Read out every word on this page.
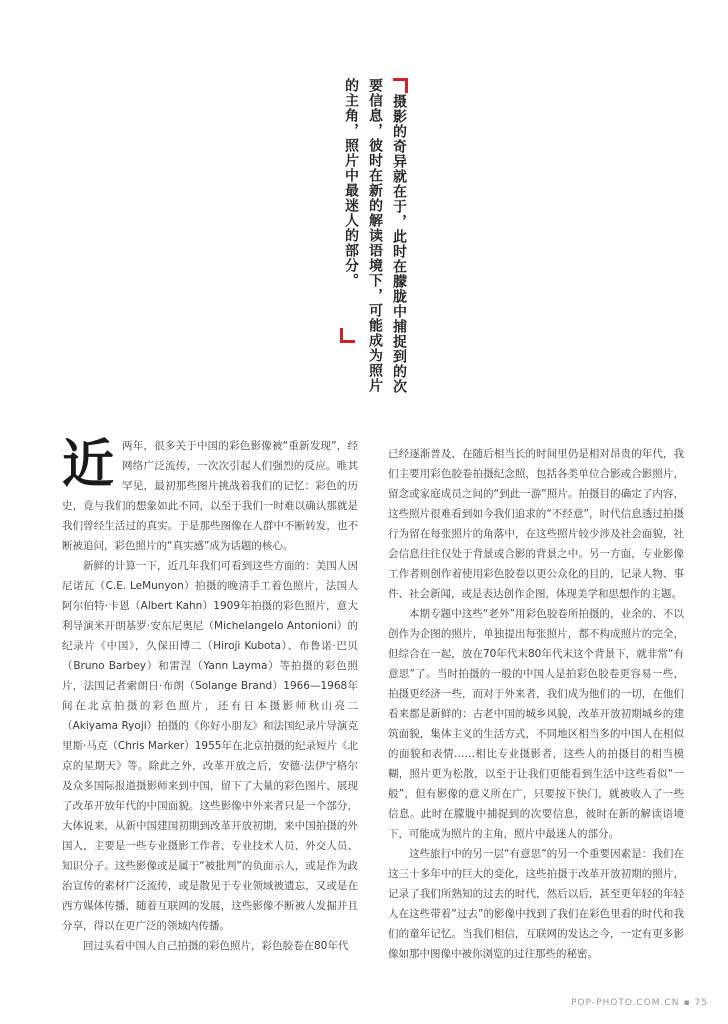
摄影的奇异就在于，此时在朦胧中捕捉到的次
要信息，彼时在新的解读语境下，可能成为照片
的主角，照片中最迷人的部分。

近两年，很多关于中国的彩色影像被“重新发现”，经网络广泛流传，一次次引起人们强烈的反应。唯其罕见，最初那些图片挑战着我们的记忆：彩色的历史，竟与我们的想象如此不同，以至于我们一时难以确认那就是我们曾经生活过的真实。于是那些图像在人群中不断转发，也不断被追问，彩色照片的“真实感”成为话题的核心。

新鲜的计算一下，近几年我们可看到这些方面的：美国人因尼诺瓦（C.E. LeMunyon）拍摄的晚清手工着色照片，法国人阿尔伯特·卡恩（Albert Kahn）1909年拍摄的彩色照片，意大利导演米开朗基罗·安东尼奥尼（Michelangelo Antonioni）的纪录片《中国》，久保田博二（Hiroji Kubota）、布鲁诺·巴贝（Bruno Barbey）和雷涅（Yann Layma）等拍摄的彩色照片，法国记者索朗日·布朗（Solange Brand）1966—1968年间在北京拍摄的彩色照片，还有日本摄影师秋山亮二（Akiyama Ryoji）拍摄的《你好小朋友》和法国纪录片导演克里斯·马克（Chris Marker）1955年在北京拍摄的纪录短片《北京的星期天》等。除此之外，改革开放之后，安德·法伊宁格尔及众多国际报道摄影师来到中国，留下了大量的彩色图片，展现了改革开放年代的中国面貌。这些影像中外来者只是一个部分，大体说来，从新中国建国初期到改革开放初期，来中国拍摄的外国人，主要是一些专业摄影工作者、专业技术人员、外交人员、知识分子。这些影像或是属于“被批判”的负面示人，或是作为政治宣传的素材广泛流传，或是散见于专业领域被遗忘，又或是在西方媒体传播，随着互联网的发展，这些影像不断被人发掘并且分享，得以在更广泛的领域内传播。

回过头看中国人自己拍摄的彩色照片，彩色胶卷在80年代

已经逐渐普及，在随后相当长的时间里仍是相对昂贵的年代，我们主要用彩色胶卷拍摄纪念照，包括各类单位合影或合影照片，留念或家庭成员之间的“到此一游”照片。拍摄目的确定了内容，这些照片很难看到如今我们追求的“不经意”，时代信息透过拍摄行为留在每张照片的角落中，在这些照片较少涉及社会面貌，社会信息往往仅处于背景或合影的背景之中。另一方面，专业影像工作者则创作着使用彩色胶卷以更公众化的目的，记录人物、事件、社会新闻，或是表达创作企图，体现美学和思想作的主题。

本期专题中这些“老外”用彩色胶卷所拍摄的，业余的、不以创作为企图的照片，单独提出每张照片，都不构成照片的完全，但综合在一起，放在70年代末80年代末这个背景下，就非常“有意思”了。当时拍摄的一般的中国人是拍彩色胶卷更容易一些，拍摄更经济一些，而对于外来者，我们成为他们的一切，在他们看来都是新鲜的：古老中国的城乡风貌，改革开放初期城乡的建筑面貌，集体主义的生活方式，不同地区相当多的中国人在相似的面貌和表情……相比专业摄影者，这些人的拍摄目的相当模糊，照片更为松散，以至于让我们更能看到生活中这些看似“一般”，但有影像的意义所在广，只要按下快门，就被收入了一些信息。此时在朦胧中捕捉到的次要信息，彼时在新的解读语境下，可能成为照片的主角，照片中最迷人的部分。

这些旅行中的另一层“有意思”的另一个重要因素是：我们在这三十多年中的巨大的变化，这些拍摄于改革开放初期的照片，记录了我们所熟知的过去的时代，然后以后，甚至更年轻的年轻人在这些带着“过去”的影像中找到了我们在彩色里看的时代和我们的童年记忆。当我们相信，互联网的发达之今，一定有更多影像如那中图像中被你浏览的过往那些的秘密。

POP-PHOTO.COM.CN ▪ 75
